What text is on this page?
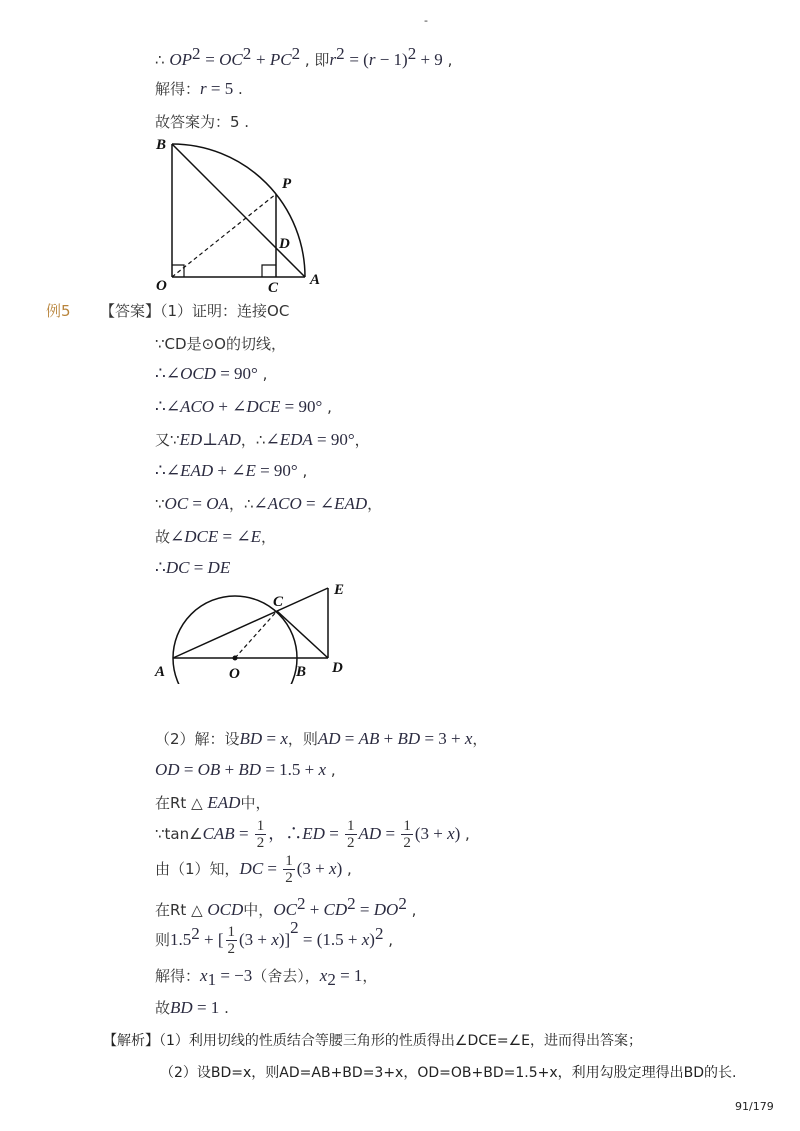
-
∴ $OP^2 = OC^2 + PC^2$ , 即$r^2 = (r - 1)^2 + 9$ ,
解得：r = 5 .
故答案为：5 .
B
P
D
O	C A
例5 【答案】（1）证明：连接OC
∵CD是⊙O的切线，
∴∠OCD = 90° ,
∴∠ACO + ∠DCE = 90° ,
又∵ED⊥AD，∴∠EDA = 90°，
∴∠EAD + ∠E = 90° ,
∵OC = OA，∴∠ACO = ∠EAD，
故∠DCE = ∠E，
∴DC = DE
C
E
A	O	B D
（2）解：设BD = x，则AD = AB + BD = 3 + x，
OD = OB + BD = 1.5 + x ,
在Rt △ EAD中，
∵tan∠CAB = $\frac{1}{2}$ ，∴ED = $\frac{1}{2}$ AD = $\frac{1}{2} (3 + x)$ ,
由（1）知，DC = $\frac{1}{2} (3 + x)$ ,
在Rt △ OCD中，$OC^2 + CD^2 = DO^2$ ,
则$1.5^2$ + [ $\frac{1}{2} (3 + x)]^2 = (1.5 + x)^2$ ,
解得：$x_1 = -3$（舍去），$x_2 = 1$，
故BD = 1 .
【解析】（1）利用切线的性质结合等腰三角形的性质得出∠DCE=∠E，进而得出答案；
（2）设BD=x，则AD=AB+BD=3+x，OD=OB+BD=1.5+x，利用勾股定理得出BD的长.
91/179
